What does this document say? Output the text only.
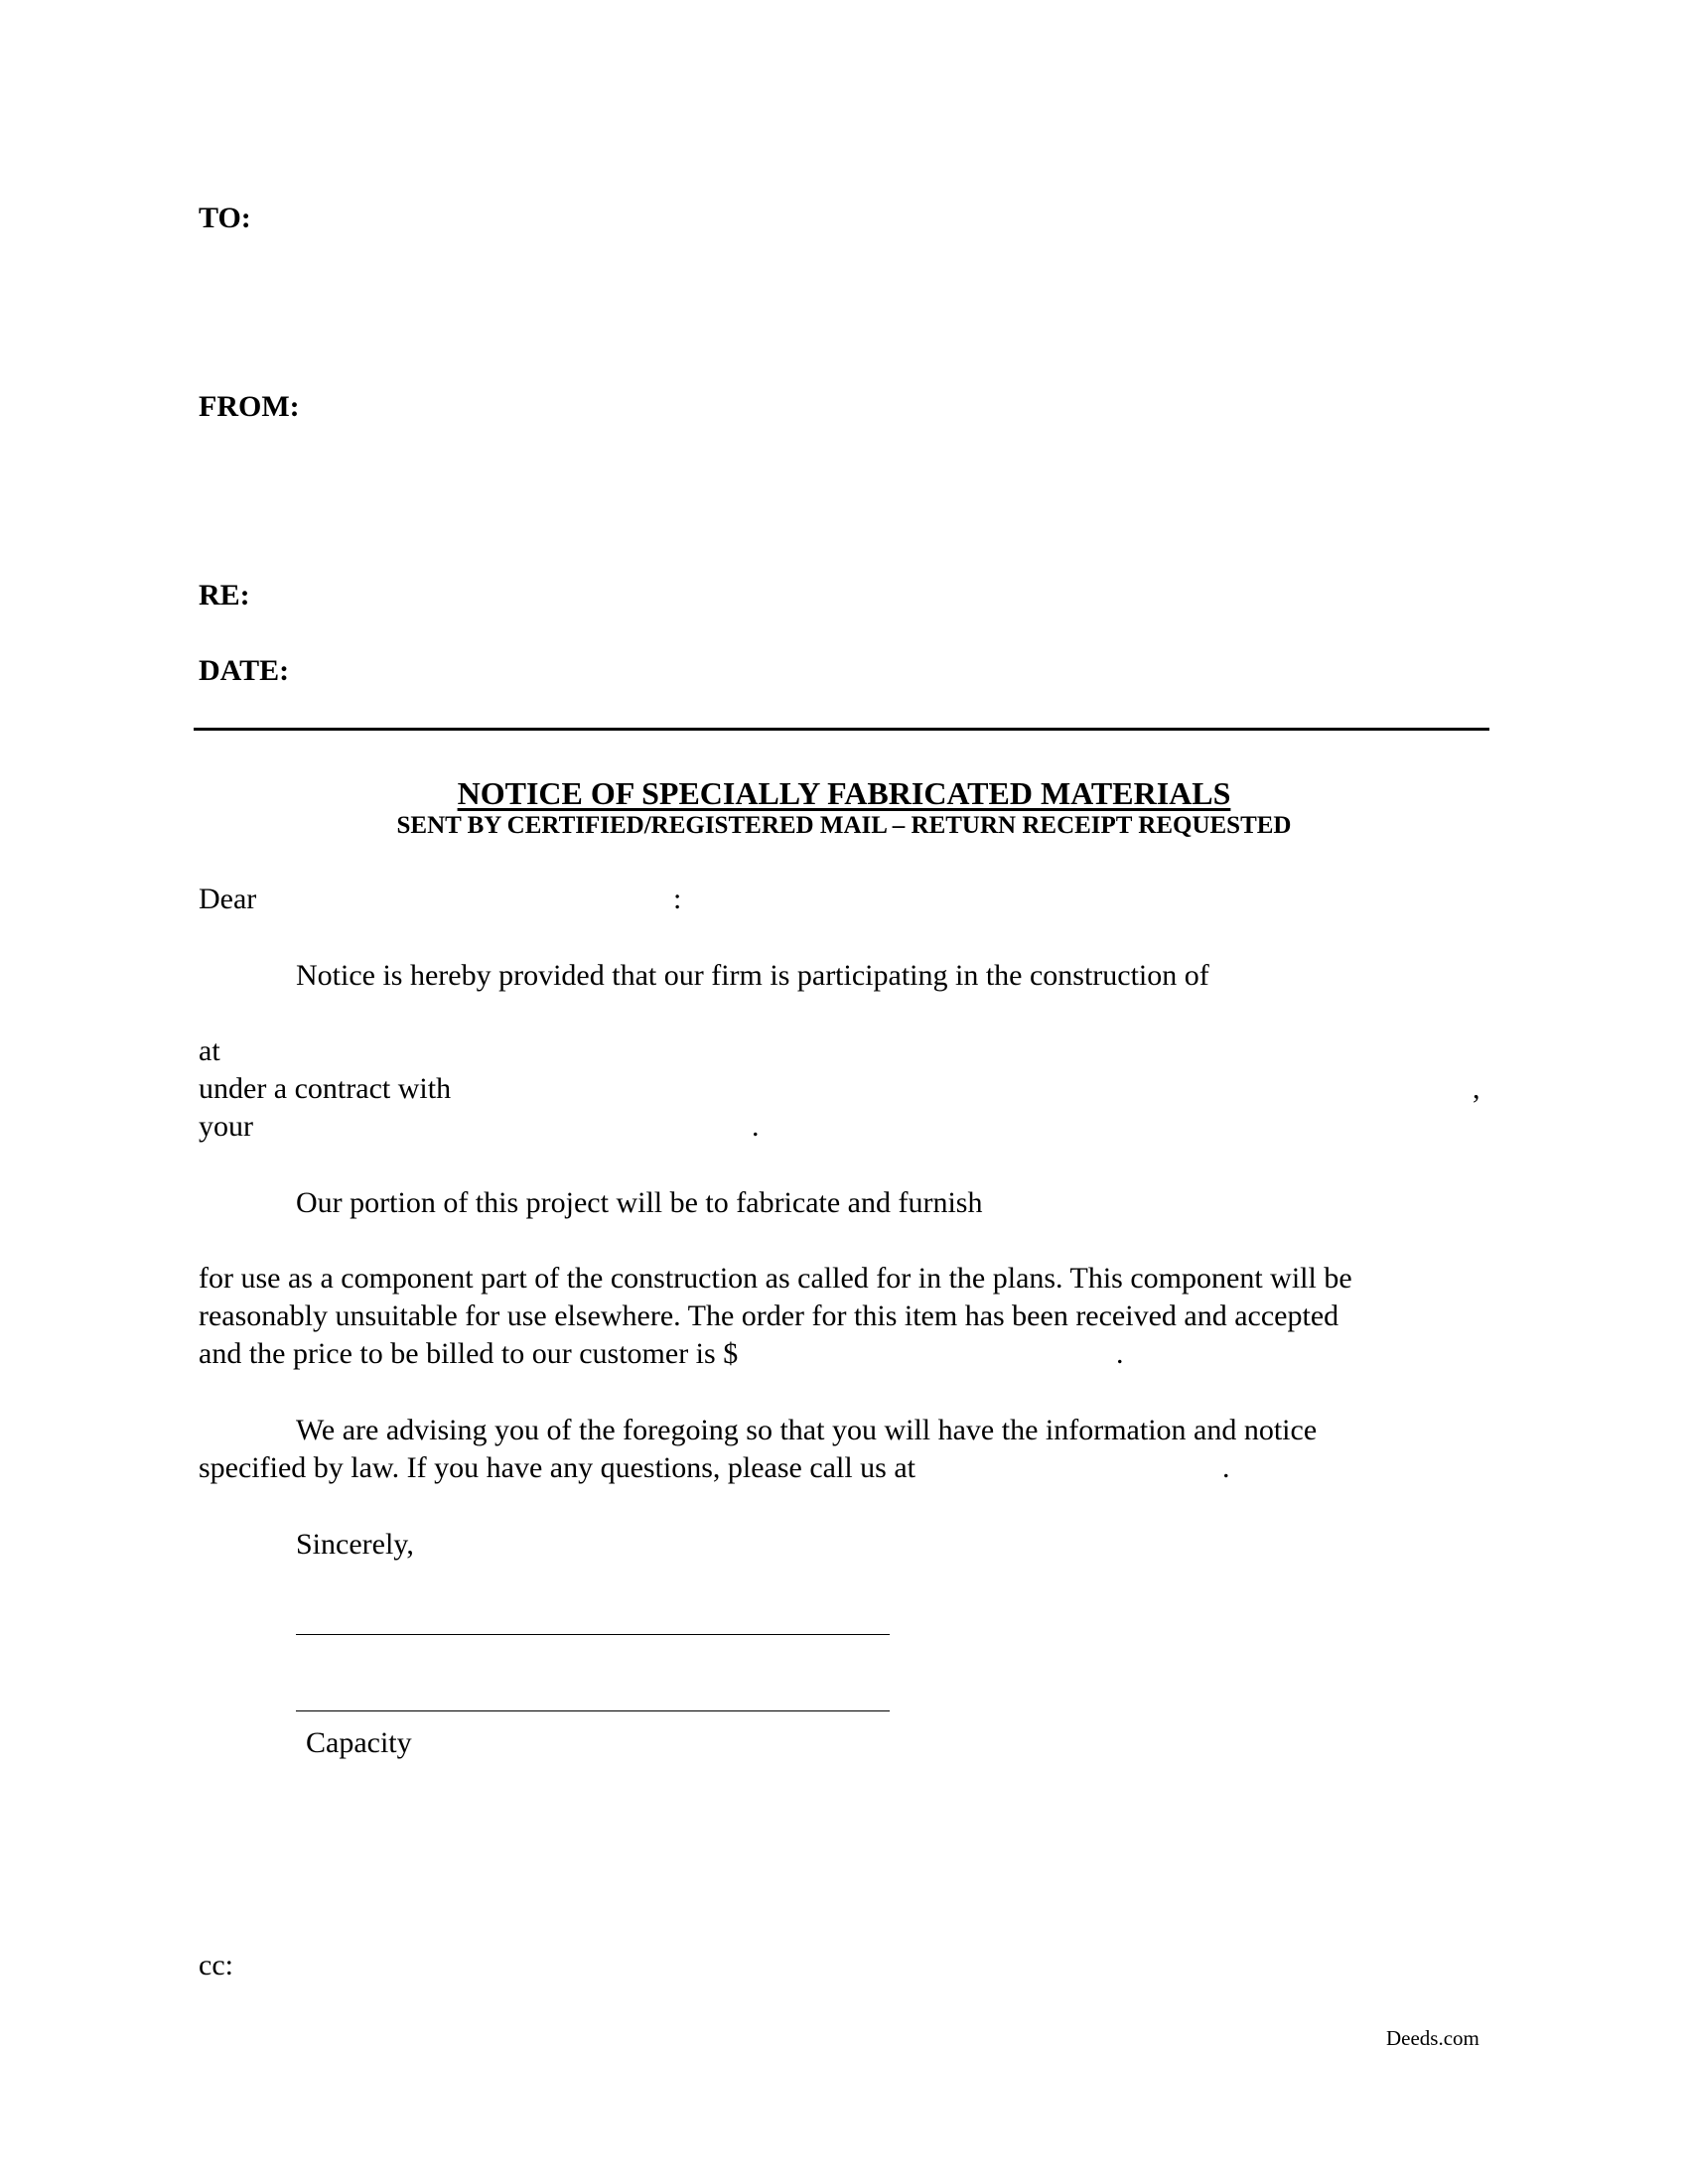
TO:
FROM:
RE:
DATE:
NOTICE OF SPECIALLY FABRICATED MATERIALS
SENT BY CERTIFIED/REGISTERED MAIL – RETURN RECEIPT REQUESTED
Dear	:
Notice is hereby provided that our firm is participating in the construction of
at
under a contract with	,
your	.
Our portion of this project will be to fabricate and furnish
for use as a component part of the construction as called for in the plans. This component will be
reasonably unsuitable for use elsewhere. The order for this item has been received and accepted
and the price to be billed to our customer is $	.
We are advising you of the foregoing so that you will have the information and notice
specified by law. If you have any questions, please call us at	.
Sincerely,
Capacity
cc:
Deeds.com
